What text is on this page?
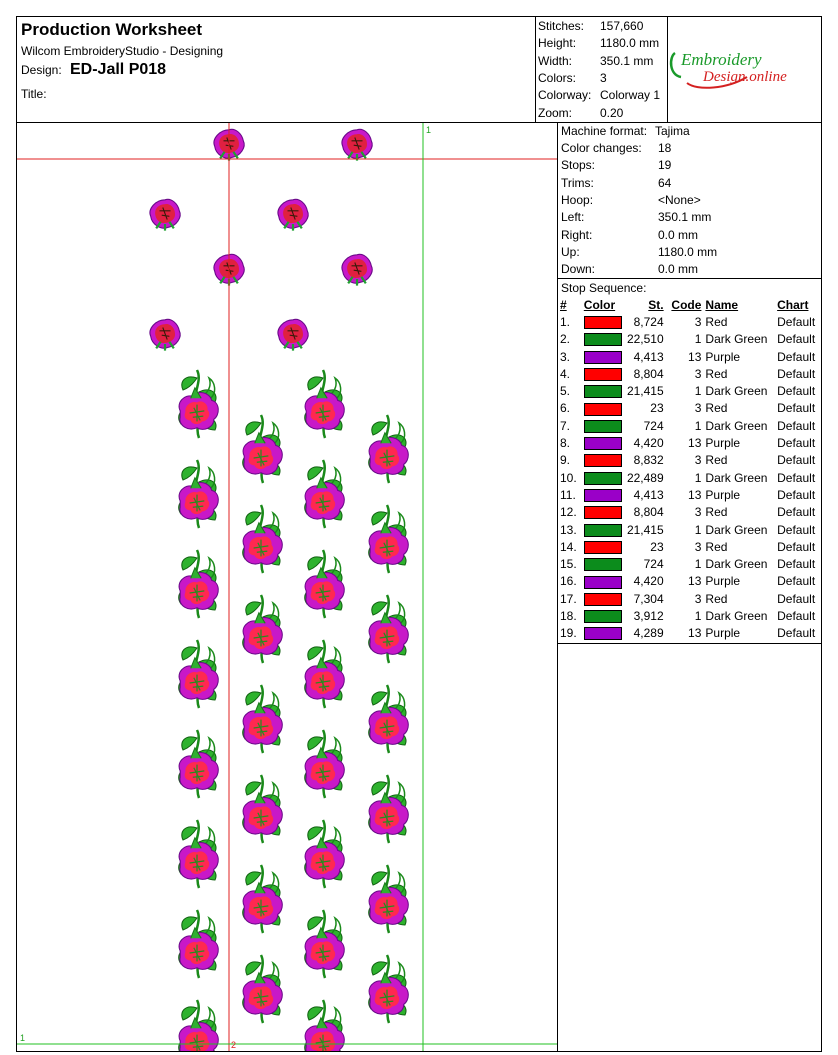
Production Worksheet
Wilcom EmbroideryStudio - Designing
Design: ED-Jall P018
Title:
Stitches: 157,660
Height: 1180.0 mm
Width: 350.1 mm
Colors: 3
Colorway: Colorway 1
Zoom: 0.20
Embroidery
Design.online
1
2
1
Machine format: Tajima
Color changes: 18
Stops:	19
Trims:	64
Hoop:	<None>
Left:	350.1 mm
Right:	0.0 mm
Up:	1180.0 mm
Down:	0.0 mm
Stop Sequence:
#	Color	St.	Code	Name	Chart
1.		8,724	3	Red	Default
2.		22,510	1	Dark Green	Default
3.		4,413	13	Purple	Default
4.		8,804	3	Red	Default
5.		21,415	1	Dark Green	Default
6.		23	3	Red	Default
7.		724	1	Dark Green	Default
8.		4,420	13	Purple	Default
9.		8,832	3	Red	Default
10.		22,489	1	Dark Green	Default
11.		4,413	13	Purple	Default
12.		8,804	3	Red	Default
13.		21,415	1	Dark Green	Default
14.		23	3	Red	Default
15.		724	1	Dark Green	Default
16.		4,420	13	Purple	Default
17.		7,304	3	Red	Default
18.		3,912	1	Dark Green	Default
19.		4,289	13	Purple	Default
